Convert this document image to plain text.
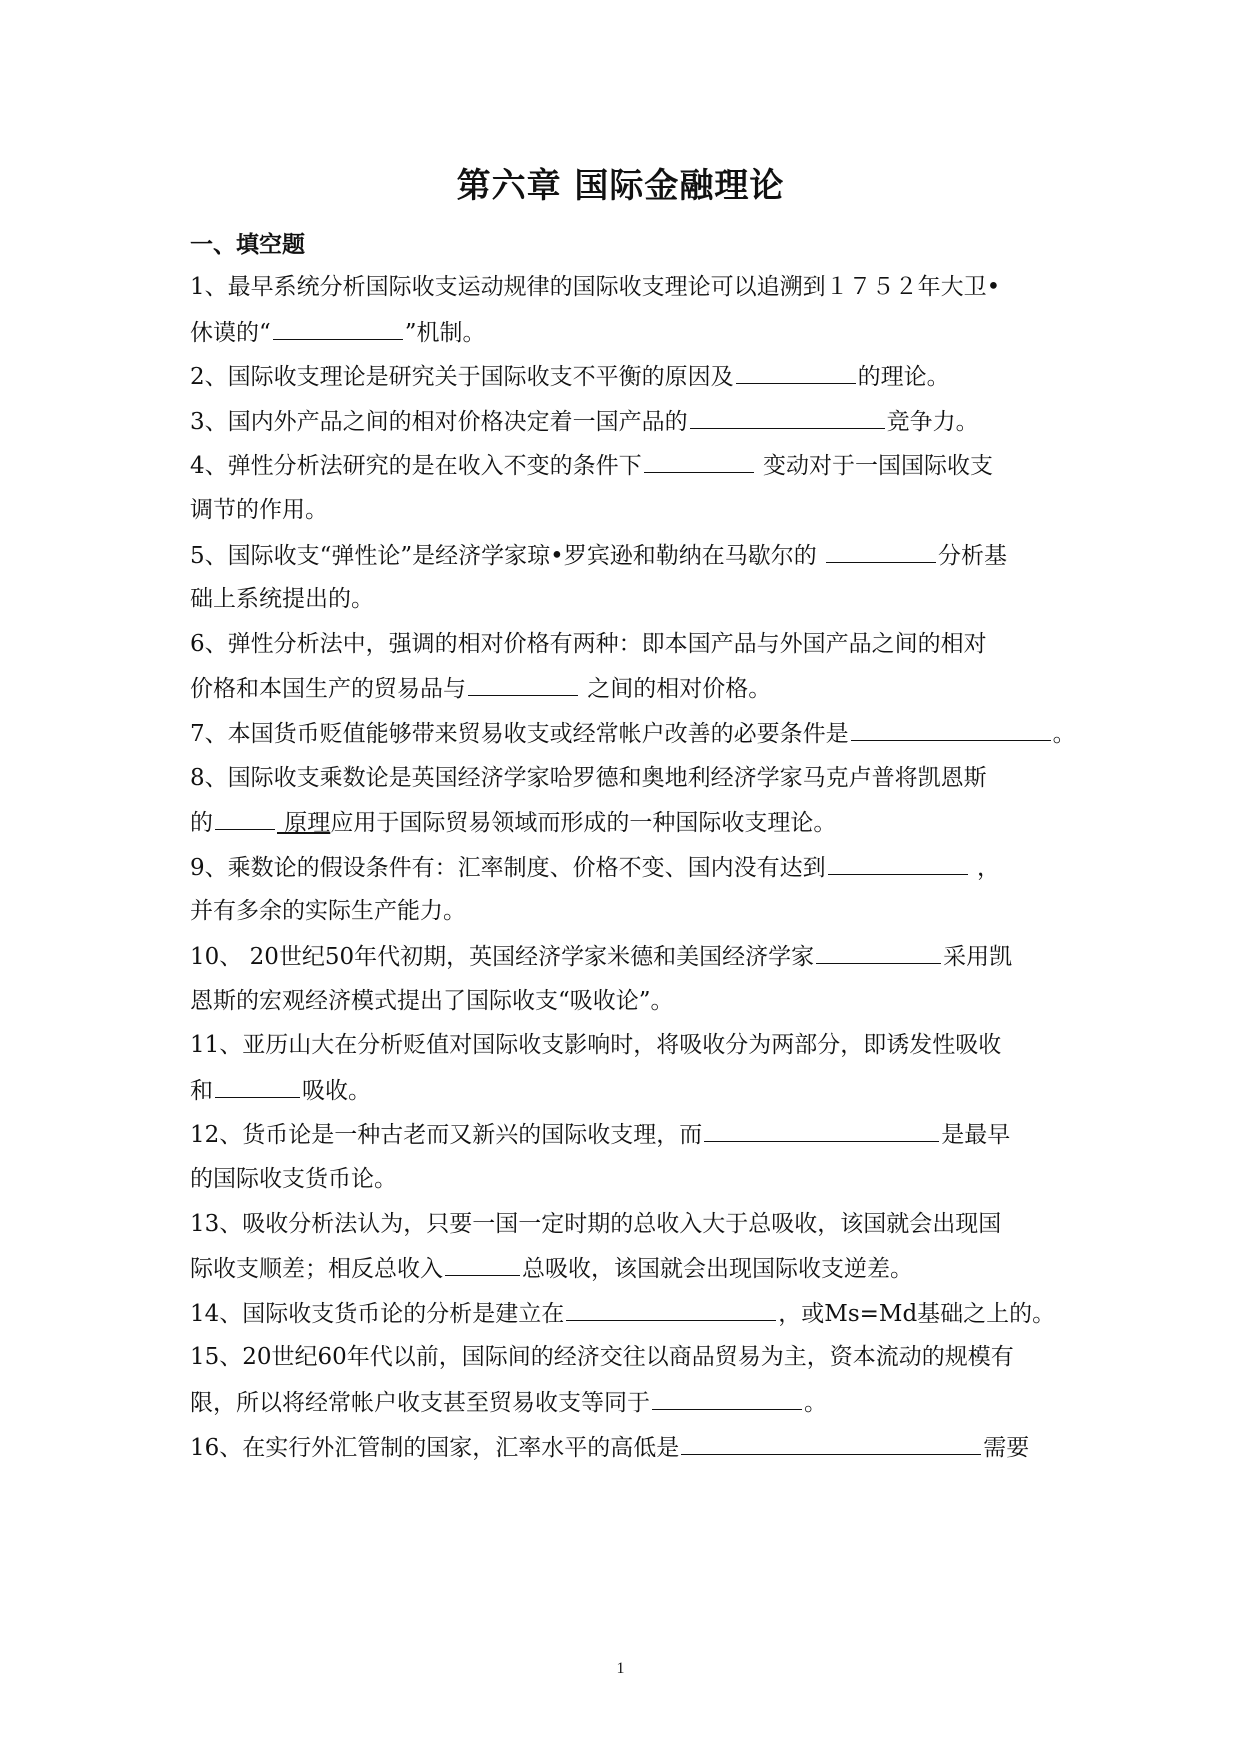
第六章 国际金融理论
一、填空题
1、最早系统分析国际收支运动规律的国际收支理论可以追溯到１７５２年大卫•
休谟的“	”机制。
2、国际收支理论是研究关于国际收支不平衡的原因及	的理论。
3、国内外产品之间的相对价格决定着一国产品的	竞争力。
4、弹性分析法研究的是在收入不变的条件下	变动对于一国国际收支
调节的作用。
5、国际收支“弹性论”是经济学家琼•罗宾逊和勒纳在马歇尔的	分析基
础上系统提出的。
6、弹性分析法中，强调的相对价格有两种：即本国产品与外国产品之间的相对
价格和本国生产的贸易品与	之间的相对价格。
7、本国货币贬值能够带来贸易收支或经常帐户改善的必要条件是	。
8、国际收支乘数论是英国经济学家哈罗德和奥地利经济学家马克卢普将凯恩斯
的	原理应用于国际贸易领域而形成的一种国际收支理论。
9、乘数论的假设条件有：汇率制度、价格不变、国内没有达到	，
并有多余的实际生产能力。
10、 20世纪50年代初期，英国经济学家米德和美国经济学家	采用凯
恩斯的宏观经济模式提出了国际收支“吸收论”。
11、亚历山大在分析贬值对国际收支影响时，将吸收分为两部分，即诱发性吸收
和	吸收。
12、货币论是一种古老而又新兴的国际收支理，而	是最早
的国际收支货币论。
13、吸收分析法认为，只要一国一定时期的总收入大于总吸收，该国就会出现国
际收支顺差；相反总收入	总吸收，该国就会出现国际收支逆差。
14、国际收支货币论的分析是建立在	，或Ms=Md基础之上的。
15、20世纪60年代以前，国际间的经济交往以商品贸易为主，资本流动的规模有
限，所以将经常帐户收支甚至贸易收支等同于	。
16、在实行外汇管制的国家，汇率水平的高低是	需要
1
